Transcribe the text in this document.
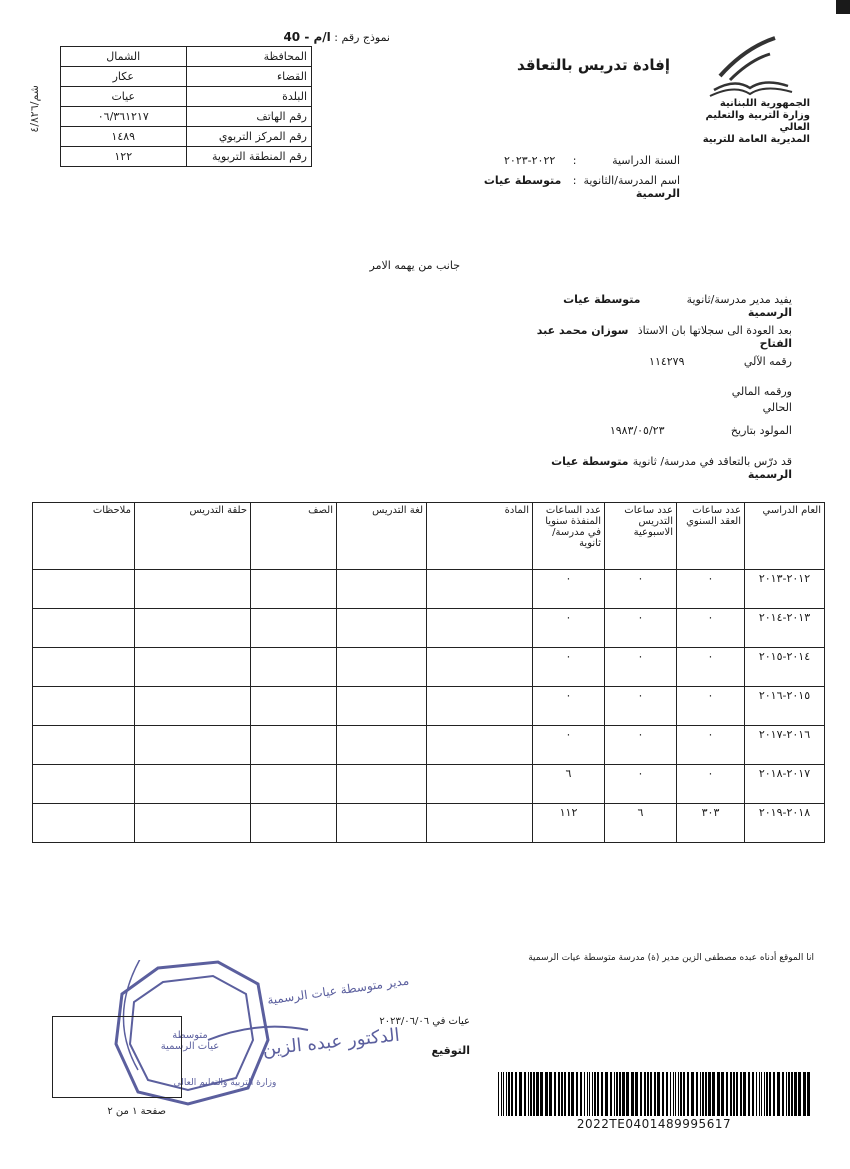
نموذج رقم : ا/م - 40
المحافظة	الشمال
القضاء	عكار
البلدة	عيات
رقم الهاتف	٠٦/٣٦١٢١٧
رقم المركز التربوي	١٤٨٩
رقم المنطقة التربوية	١٢٢
شم/٤/٨٢٦	الجمهورية اللبنانية
وزارة التربية والتعليم العالي
المديرية العامة للتربية
إفادة تدريس بالتعاقد
السنة الدراسية : ٢٠٢٢-٢٠٢٣
اسم المدرسة/الثانوية : متوسطة عيات الرسمية
جانب من يهمه الامر
يفيد مدير مدرسة/ثانوية متوسطة عيات الرسمية
بعد العودة الى سجلاتها بان الاستاذ سوزان محمد عبد الفتاح
رقمه الآلي ١١٤٢٧٩
ورقمه المالي
الحالي
المولود بتاريخ ١٩٨٣/٠٥/٢٣
قد درّس بالتعاقد في مدرسة/ ثانوية متوسطة عيات الرسمية
العام الدراسي	عدد ساعات العقد السنوي	عدد ساعات التدريس الاسبوعية	عدد الساعات المنفذة سنويا في مدرسة/ثانوية	المادة	لغة التدريس	الصف	حلقة التدريس	ملاحظات
٢٠١٢-٢٠١٣	٠	٠	٠					
٢٠١٣-٢٠١٤	٠	٠	٠					
٢٠١٤-٢٠١٥	٠	٠	٠					
٢٠١٥-٢٠١٦	٠	٠	٠					
٢٠١٦-٢٠١٧	٠	٠	٠					
٢٠١٧-٢٠١٨	٠	٠	٦					
٢٠١٨-٢٠١٩	٣٠٣	٦	١١٢					
انا الموقع أدناه عبده مصطفى الزين مدير (ة) مدرسة متوسطة عيات الرسمية
عيات في ٢٠٢٣/٠٦/٠٦
التوقيع
مدير متوسطة عيات الرسمية
متوسطة
عيات الرسمية	الدكتور عبده الزين
وزارة التربية والتعليم العالي
صفحة ١ من ٢
2022TE0401489995617
